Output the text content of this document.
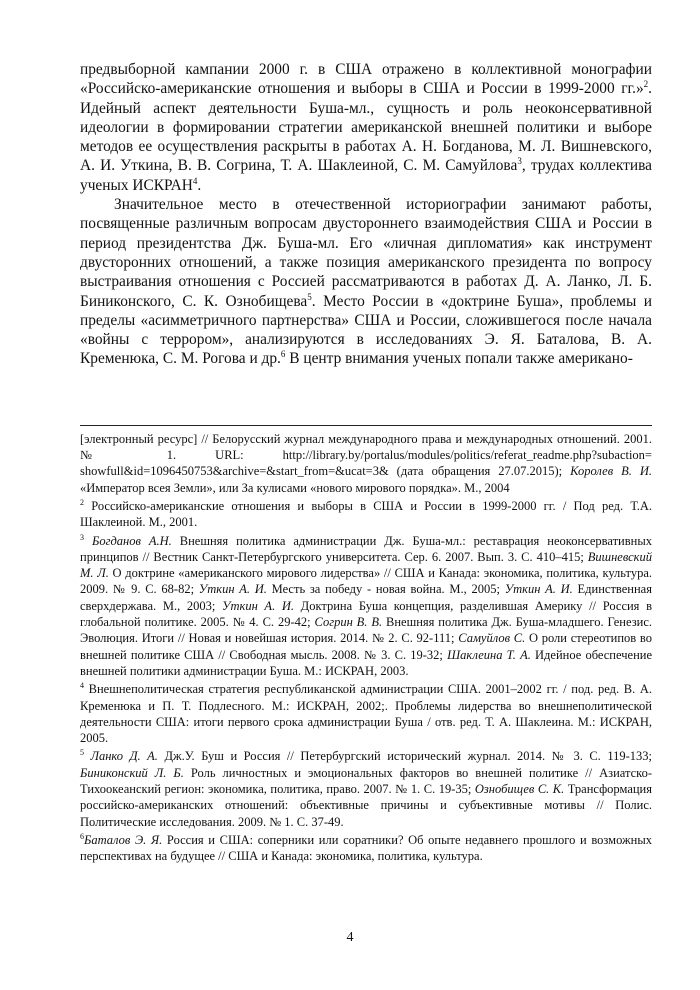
предвыборной кампании 2000 г. в США отражено в коллективной монографии «Российско-американские отношения и выборы в США и России в 1999-2000 гг.»$^2$. Идейный аспект деятельности Буша-мл., сущность и роль неоконсервативной идеологии в формировании стратегии американской внешней политики и выборе методов ее осуществления раскрыты в работах А. Н. Богданова, М. Л. Вишневского, А. И. Уткина, В. В. Согрина, Т. А. Шаклеиной, С. М. Самуйлова$^3$, трудах коллектива ученых ИСКРАН$^4$.

Значительное место в отечественной историографии занимают работы, посвященные различным вопросам двустороннего взаимодействия США и России в период президентства Дж. Буша-мл. Его «личная дипломатия» как инструмент двусторонних отношений, а также позиция американского президента по вопросу выстраивания отношения с Россией рассматриваются в работах Д. А. Ланко, Л. Б. Биниконского, С. К. Ознобищева$^5$. Место России в «доктрине Буша», проблемы и пределы «асимметричного партнерства» США и России, сложившегося после начала «войны с террором», анализируются в исследованиях Э. Я. Баталова, В. А. Кременюка, С. М. Рогова и др.$^6$ В центр внимания ученых попали также американо-

[электронный ресурс] // Белорусский журнал международного права и международных отношений. 2001. № 1. URL: http://library.by/portalus/modules/politics/referat_readme.php?subaction= showfull&id=1096450753&archive=&start_from=&ucat=3& (дата обращения 27.07.2015); Королев В. И. «Император всея Земли», или За кулисами «нового мирового порядка». М., 2004

$^2$ Российско-американские отношения и выборы в США и России в 1999-2000 гг. / Под ред. Т.А. Шаклеиной. М., 2001.

$^3$ Богданов А.Н. Внешняя политика администрации Дж. Буша-мл.: реставрация неоконсервативных принципов // Вестник Санкт-Петербургского университета. Сер. 6. 2007. Вып. 3. С. 410–415; Вишневский М. Л. О доктрине «американского мирового лидерства» // США и Канада: экономика, политика, культура. 2009. № 9. С. 68-82; Уткин А. И. Месть за победу - новая война. М., 2005; Уткин А. И. Единственная сверхдержава. М., 2003; Уткин А. И. Доктрина Буша концепция, разделившая Америку // Россия в глобальной политике. 2005. № 4. С. 29-42; Согрин В. В. Внешняя политика Дж. Буша-младшего. Генезис. Эволюция. Итоги // Новая и новейшая история. 2014. № 2. С. 92-111; Самуйлов С. О роли стереотипов во внешней политике США // Свободная мысль. 2008. № 3. С. 19-32; Шаклеина Т. А. Идейное обеспечение внешней политики администрации Буша. М.: ИСКРАН, 2003.

$^4$ Внешнеполитическая стратегия республиканской администрации США. 2001–2002 гг. / под. ред. В. А. Кременюка и П. Т. Подлесного. М.: ИСКРАН, 2002;. Проблемы лидерства во внешнеполитической деятельности США: итоги первого срока администрации Буша / отв. ред. Т. А. Шаклеина. М.: ИСКРАН, 2005.

$^5$ Ланко Д. А. Дж.У. Буш и Россия // Петербургский исторический журнал. 2014. № 3. С. 119-133; Биниконский Л. Б. Роль личностных и эмоциональных факторов во внешней политике // Азиатско-Тихоокеанский регион: экономика, политика, право. 2007. № 1. С. 19-35; Ознобищев С. К. Трансформация российско-американских отношений: объективные причины и субъективные мотивы // Полис. Политические исследования. 2009. № 1. С. 37-49.

$^6$Баталов Э. Я. Россия и США: соперники или соратники? Об опыте недавнего прошлого и возможных перспективах на будущее // США и Канада: экономика, политика, культура.

4
